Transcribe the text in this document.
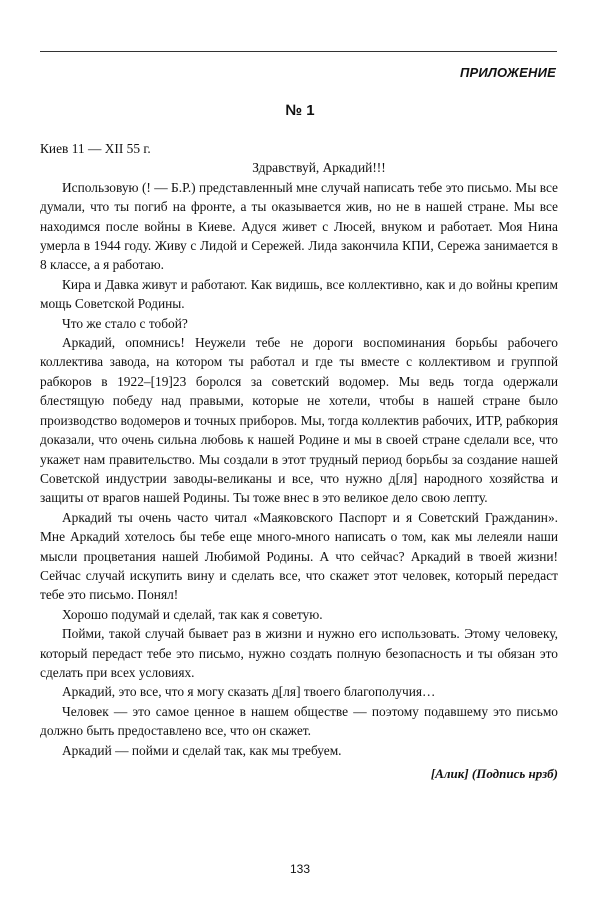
ПРИЛОЖЕНИЕ
№ 1

Киев 11 — XII 55 г.

Здравствуй, Аркадий!!!

Использовую (! — Б.Р.) представленный мне случай написать тебе это письмо. Мы все думали, что ты погиб на фронте, а ты оказывается жив, но не в нашей стране. Мы все находимся после войны в Киеве. Адуся живет с Люсей, внуком и работает. Моя Нина умерла в 1944 году. Живу с Лидой и Сережей. Лида закончила КПИ, Сережа занимается в 8 классе, а я работаю.

Кира и Давка живут и работают. Как видишь, все коллективно, как и до войны крепим мощь Советской Родины.

Что же стало с тобой?

Аркадий, опомнись! Неужели тебе не дороги воспоминания борьбы рабочего коллектива завода, на котором ты работал и где ты вместе с коллективом и группой рабкоров в 1922–[19]23 боролся за советский водомер. Мы ведь тогда одержали блестящую победу над правыми, которые не хотели, чтобы в нашей стране было производство водомеров и точных приборов. Мы, тогда коллектив рабочих, ИТР, рабкория доказали, что очень сильна любовь к нашей Родине и мы в своей стране сделали все, что укажет нам правительство. Мы создали в этот трудный период борьбы за создание нашей Советской индустрии заводы-великаны и все, что нужно д[ля] народного хозяйства и защиты от врагов нашей Родины. Ты тоже внес в это великое дело свою лепту.

Аркадий ты очень часто читал «Маяковского Паспорт и я Советский Гражданин». Мне Аркадий хотелось бы тебе еще много-много написать о том, как мы лелеяли наши мысли процветания нашей Любимой Родины. А что сейчас? Аркадий в твоей жизни! Сейчас случай искупить вину и сделать все, что скажет этот человек, который передаст тебе это письмо. Понял!

Хорошо подумай и сделай, так как я советую.

Пойми, такой случай бывает раз в жизни и нужно его использовать. Этому человеку, который передаст тебе это письмо, нужно создать полную безопасность и ты обязан это сделать при всех условиях.

Аркадий, это все, что я могу сказать д[ля] твоего благополучия…

Человек — это самое ценное в нашем обществе — поэтому подавшему это письмо должно быть предоставлено все, что он скажет.

Аркадий — пойми и сделай так, как мы требуем.

[Алик] (Подпись нрзб)

133
